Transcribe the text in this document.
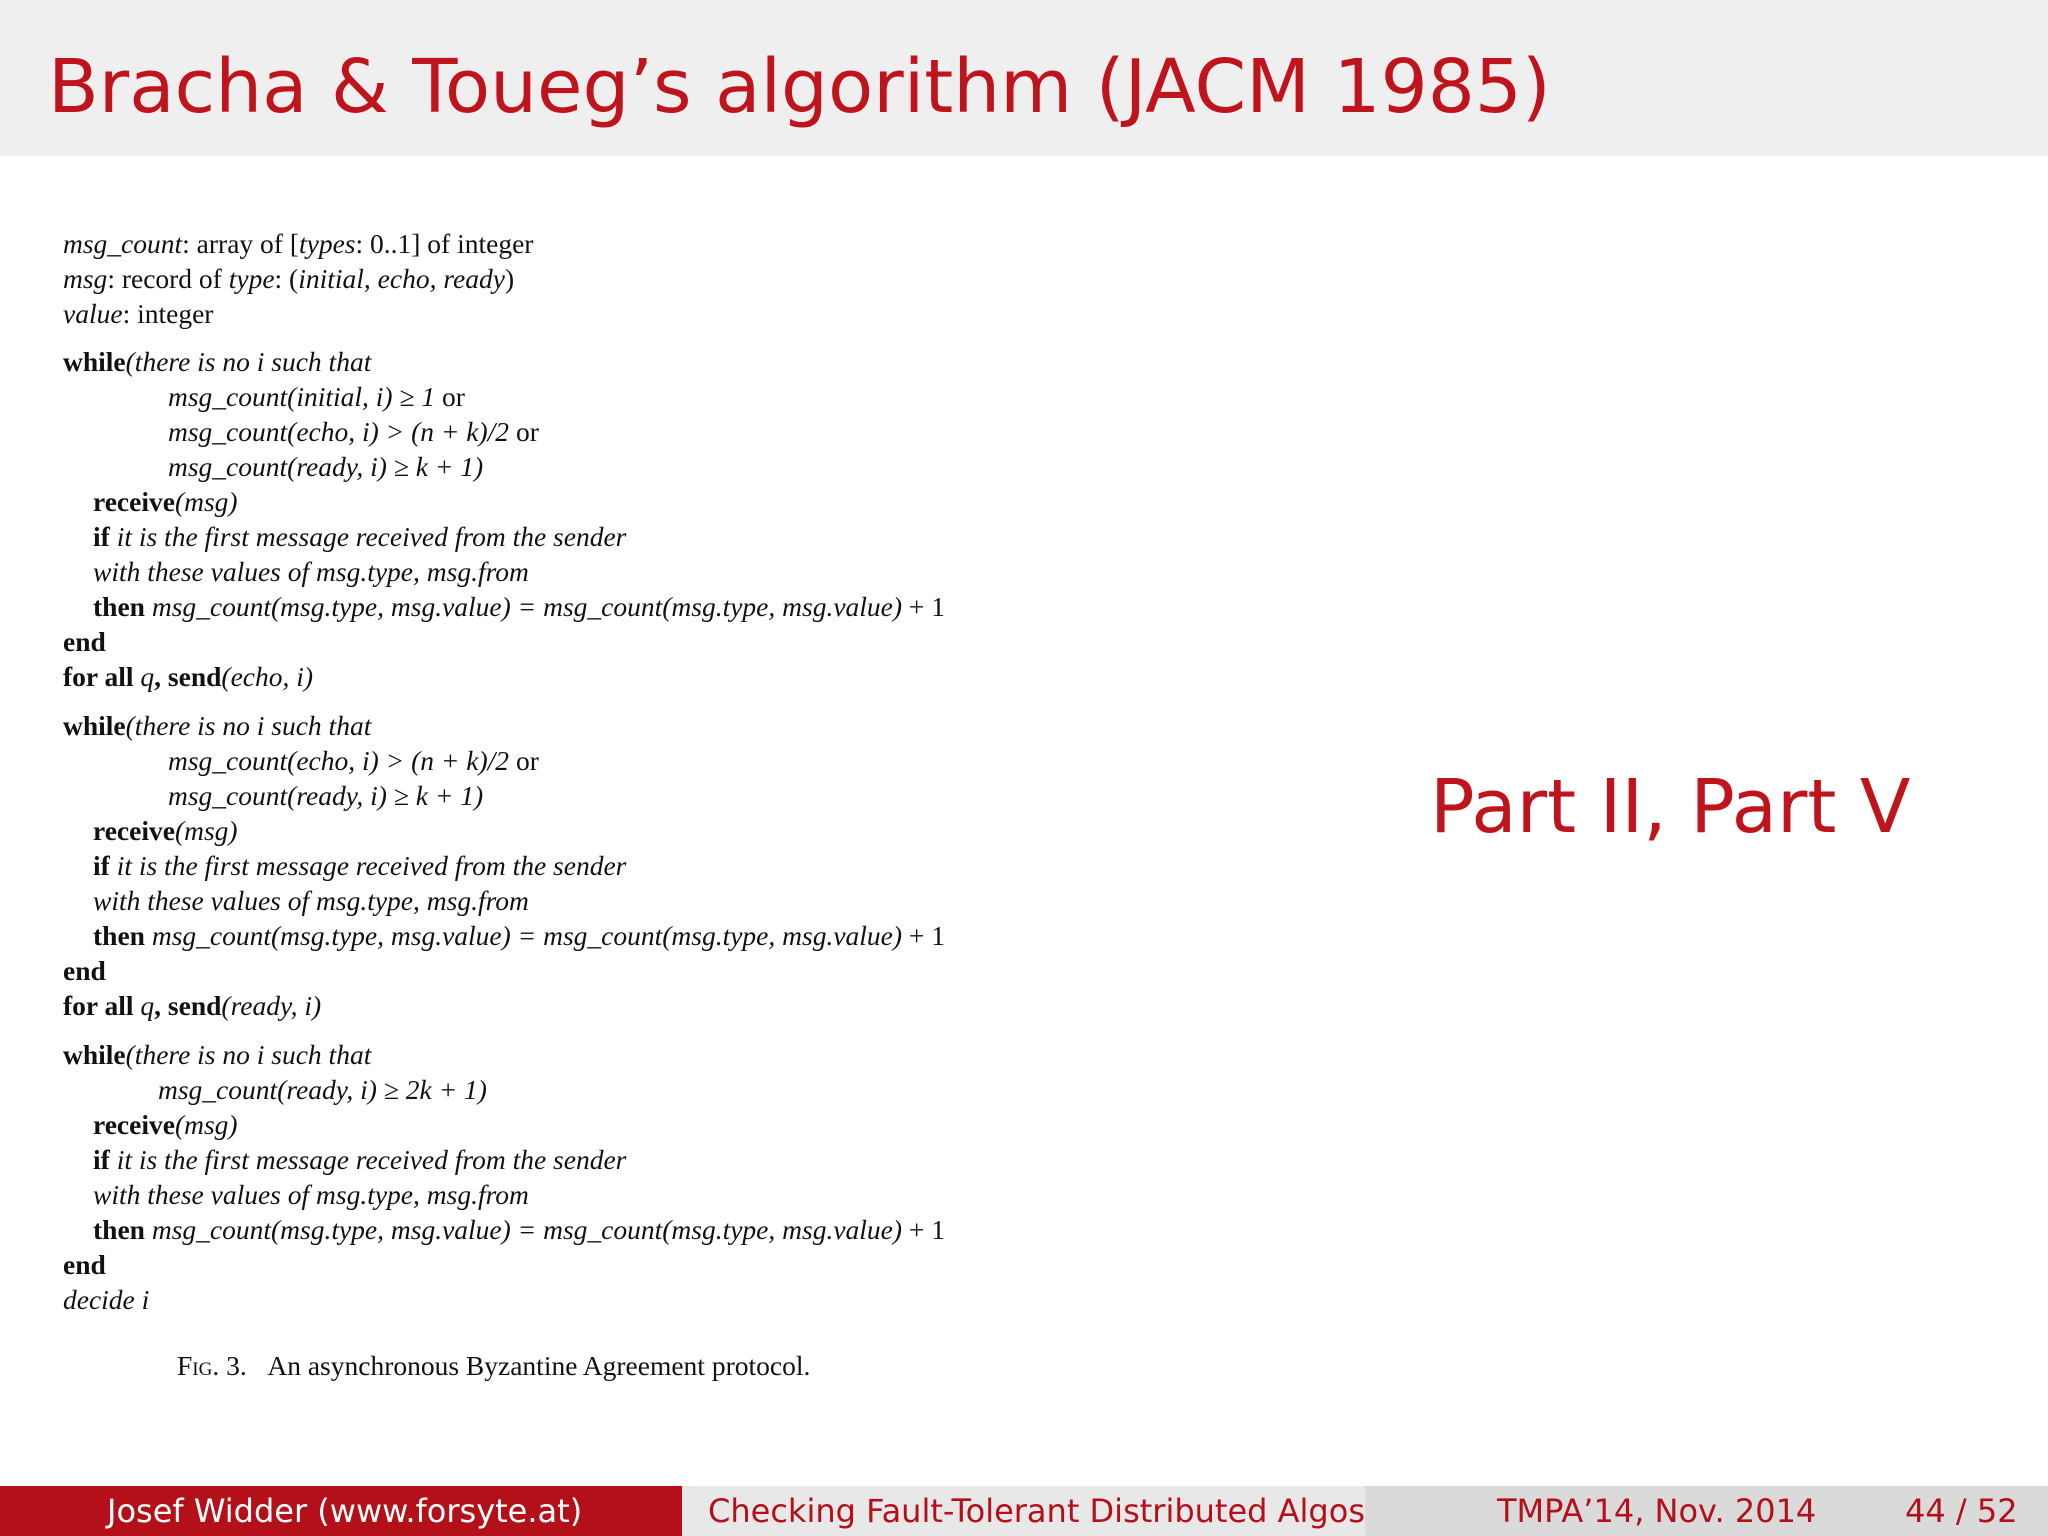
Bracha & Toueg’s algorithm (JACM 1985)
msg_count: array of [types: 0..1] of integer
msg: record of type: (initial, echo, ready)
value: integer
while(there is no i such that
msg_count(initial, i) ≥ 1 or
msg_count(echo, i) > (n + k)/2 or
msg_count(ready, i) ≥ k + 1)
receive(msg)
if it is the first message received from the sender
with these values of msg.type, msg.from
then msg_count(msg.type, msg.value) = msg_count(msg.type, msg.value) + 1
end
for all q, send(echo, i)
while(there is no i such that
msg_count(echo, i) > (n + k)/2 or
msg_count(ready, i) ≥ k + 1)
receive(msg)
if it is the first message received from the sender
with these values of msg.type, msg.from
then msg_count(msg.type, msg.value) = msg_count(msg.type, msg.value) + 1
end
for all q, send(ready, i)
while(there is no i such that
msg_count(ready, i) ≥ 2k + 1)
receive(msg)
if it is the first message received from the sender
with these values of msg.type, msg.from
then msg_count(msg.type, msg.value) = msg_count(msg.type, msg.value) + 1
end
decide i
Fig. 3. An asynchronous Byzantine Agreement protocol.
Part II, Part V
Josef Widder (www.forsyte.at)	Checking Fault-Tolerant Distributed Algos	TMPA’14, Nov. 2014	44 / 52
